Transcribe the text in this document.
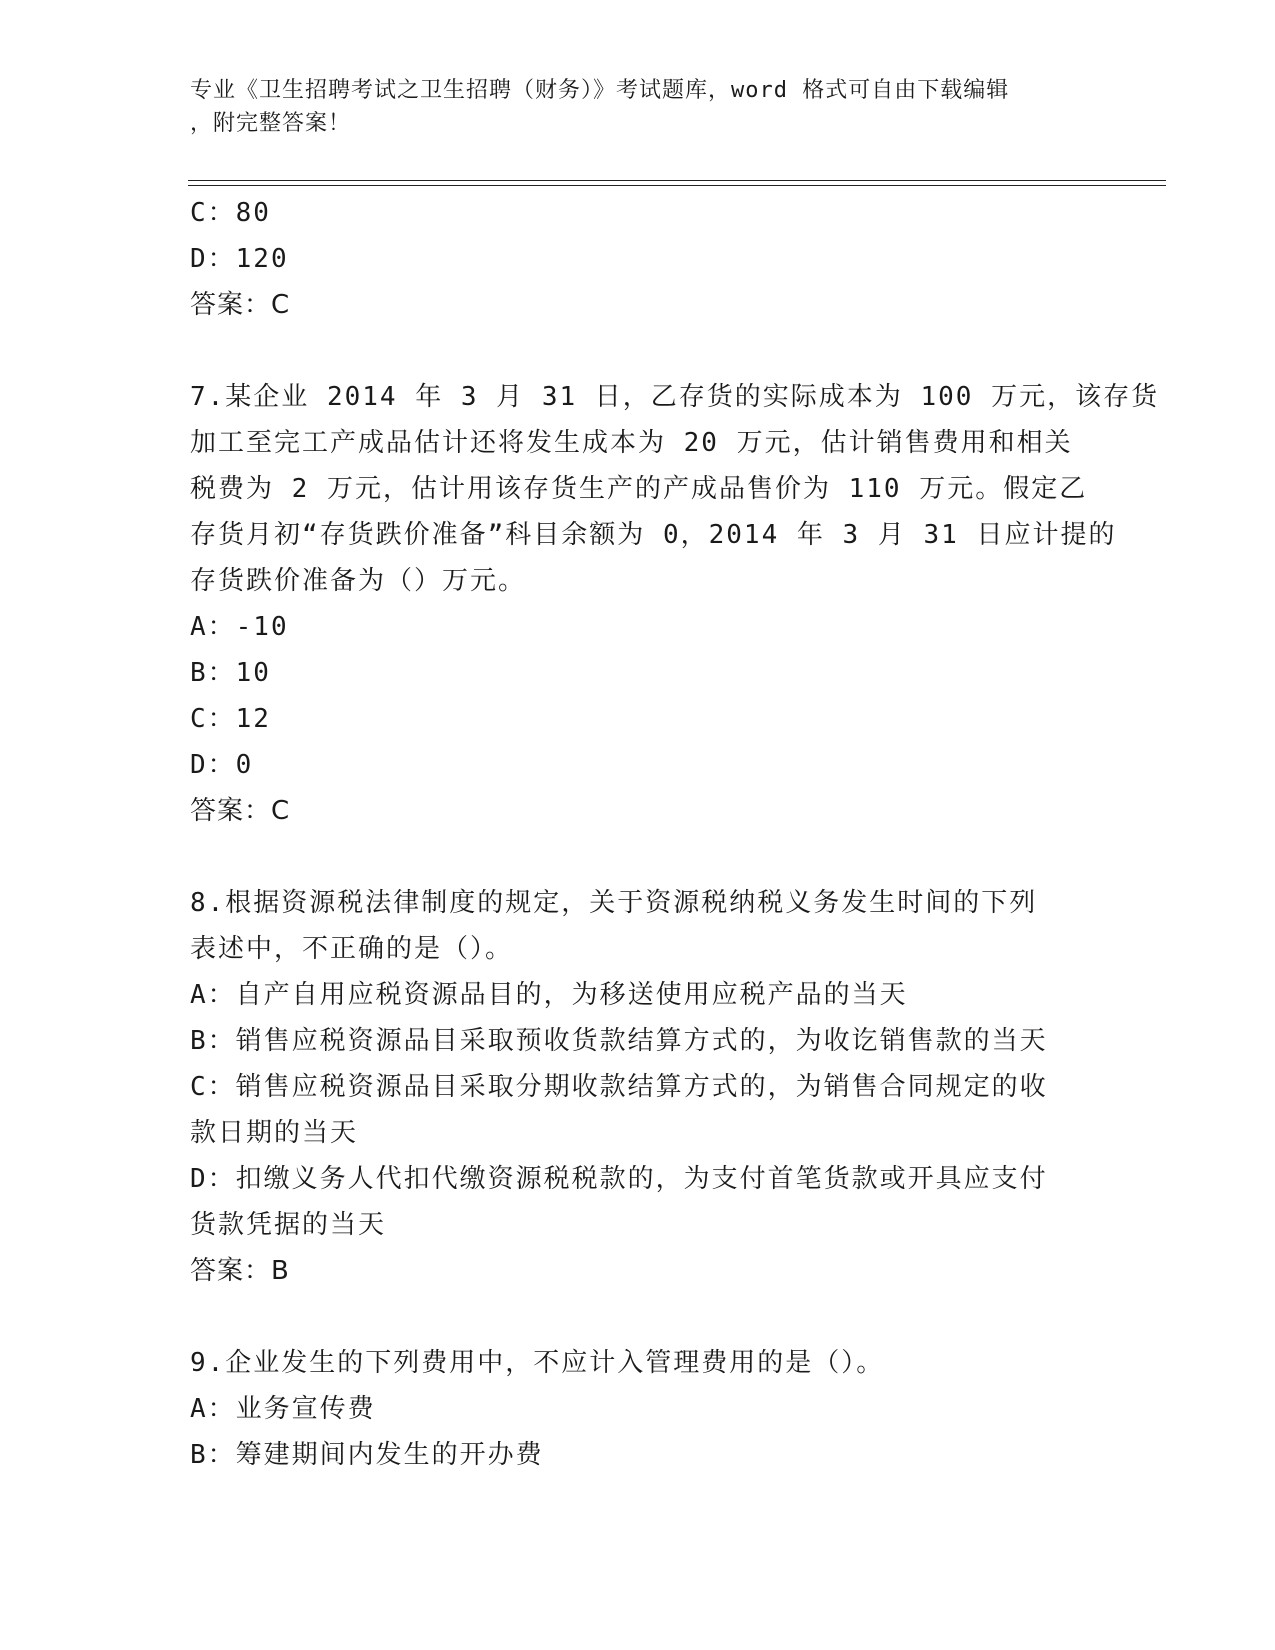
专业《卫生招聘考试之卫生招聘（财务）》考试题库，word 格式可自由下载编辑
，附完整答案！
C：80
D：120
答案：C
7.某企业 2014 年 3 月 31 日，乙存货的实际成本为 100 万元，该存货
加工至完工产成品估计还将发生成本为 20 万元，估计销售费用和相关
税费为 2 万元，估计用该存货生产的产成品售价为 110 万元。假定乙
存货月初“存货跌价准备”科目余额为 0，2014 年 3 月 31 日应计提的
存货跌价准备为（）万元。
A：-10
B：10
C：12
D：0
答案：C
8.根据资源税法律制度的规定，关于资源税纳税义务发生时间的下列
表述中，不正确的是（）。
A：自产自用应税资源品目的，为移送使用应税产品的当天
B：销售应税资源品目采取预收货款结算方式的，为收讫销售款的当天
C：销售应税资源品目采取分期收款结算方式的，为销售合同规定的收
款日期的当天
D：扣缴义务人代扣代缴资源税税款的，为支付首笔货款或开具应支付
货款凭据的当天
答案：B
9.企业发生的下列费用中，不应计入管理费用的是（）。
A：业务宣传费
B：筹建期间内发生的开办费
